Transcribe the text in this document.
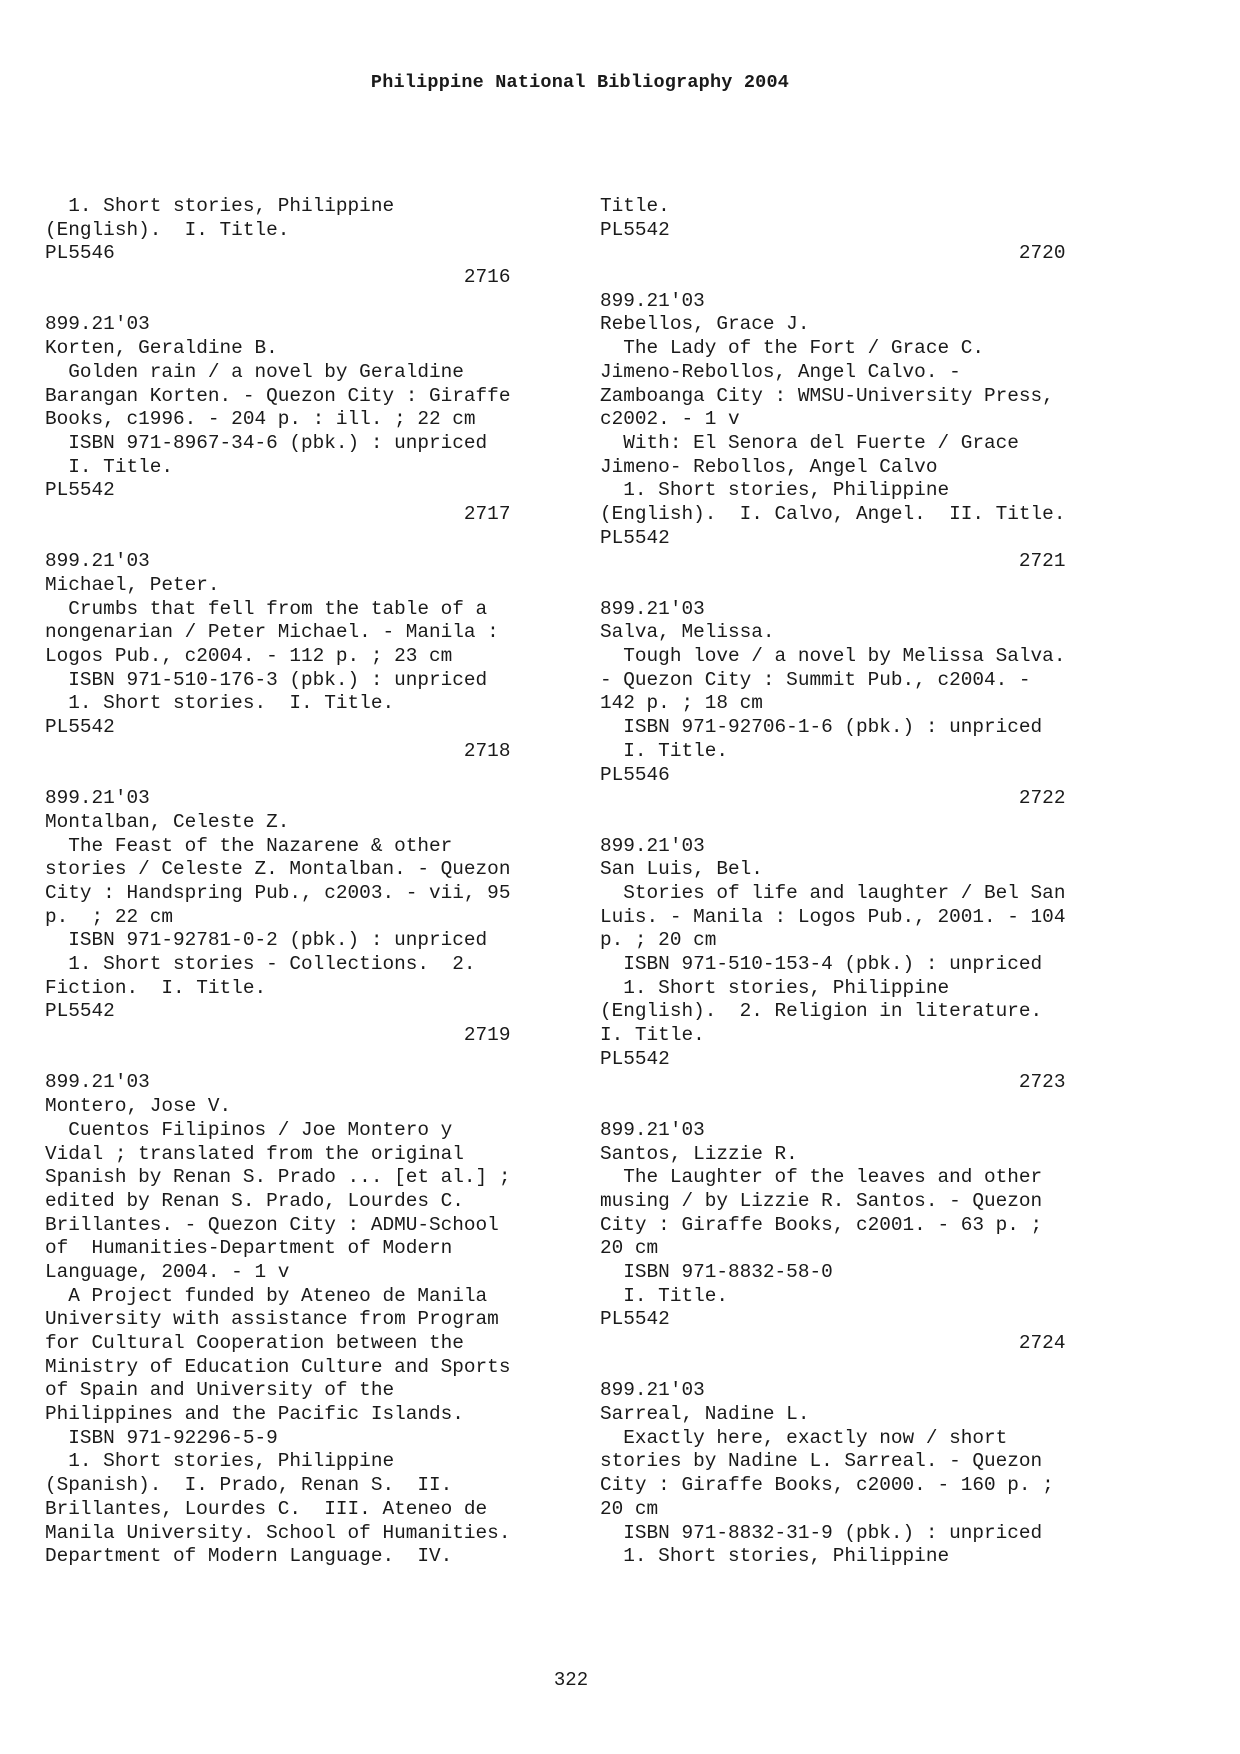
Philippine National Bibliography 2004
1. Short stories, Philippine
(English).  I. Title.
PL5546
2716
899.21'03
Korten, Geraldine B.
Golden rain / a novel by Geraldine
Barangan Korten. - Quezon City : Giraffe
Books, c1996. - 204 p. : ill. ; 22 cm
ISBN 971-8967-34-6 (pbk.) : unpriced
I. Title.
PL5542
2717
899.21'03
Michael, Peter.
Crumbs that fell from the table of a
nongenarian / Peter Michael. - Manila :
Logos Pub., c2004. - 112 p. ; 23 cm
ISBN 971-510-176-3 (pbk.) : unpriced
1. Short stories.  I. Title.
PL5542
2718
899.21'03
Montalban, Celeste Z.
The Feast of the Nazarene & other
stories / Celeste Z. Montalban. - Quezon
City : Handspring Pub., c2003. - vii, 95
p.  ; 22 cm
ISBN 971-92781-0-2 (pbk.) : unpriced
1. Short stories - Collections.  2.
Fiction.  I. Title.
PL5542
2719
899.21'03
Montero, Jose V.
Cuentos Filipinos / Joe Montero y
Vidal ; translated from the original
Spanish by Renan S. Prado ... [et al.] ;
edited by Renan S. Prado, Lourdes C.
Brillantes. - Quezon City : ADMU-School
of  Humanities-Department of Modern
Language, 2004. - 1 v
A Project funded by Ateneo de Manila
University with assistance from Program
for Cultural Cooperation between the
Ministry of Education Culture and Sports
of Spain and University of the
Philippines and the Pacific Islands.
ISBN 971-92296-5-9
1. Short stories, Philippine
(Spanish).  I. Prado, Renan S.  II.
Brillantes, Lourdes C.  III. Ateneo de
Manila University. School of Humanities.
Department of Modern Language.  IV.
Title.
PL5542
2720
899.21'03
Rebellos, Grace J.
The Lady of the Fort / Grace C.
Jimeno-Rebollos, Angel Calvo. -
Zamboanga City : WMSU-University Press,
c2002. - 1 v
With: El Senora del Fuerte / Grace
Jimeno- Rebollos, Angel Calvo
1. Short stories, Philippine
(English).  I. Calvo, Angel.  II. Title.
PL5542
2721
899.21'03
Salva, Melissa.
Tough love / a novel by Melissa Salva.
- Quezon City : Summit Pub., c2004. -
142 p. ; 18 cm
ISBN 971-92706-1-6 (pbk.) : unpriced
I. Title.
PL5546
2722
899.21'03
San Luis, Bel.
Stories of life and laughter / Bel San
Luis. - Manila : Logos Pub., 2001. - 104
p. ; 20 cm
ISBN 971-510-153-4 (pbk.) : unpriced
1. Short stories, Philippine
(English).  2. Religion in literature.
I. Title.
PL5542
2723
899.21'03
Santos, Lizzie R.
The Laughter of the leaves and other
musing / by Lizzie R. Santos. - Quezon
City : Giraffe Books, c2001. - 63 p. ;
20 cm
ISBN 971-8832-58-0
I. Title.
PL5542
2724
899.21'03
Sarreal, Nadine L.
Exactly here, exactly now / short
stories by Nadine L. Sarreal. - Quezon
City : Giraffe Books, c2000. - 160 p. ;
20 cm
ISBN 971-8832-31-9 (pbk.) : unpriced
1. Short stories, Philippine

322
